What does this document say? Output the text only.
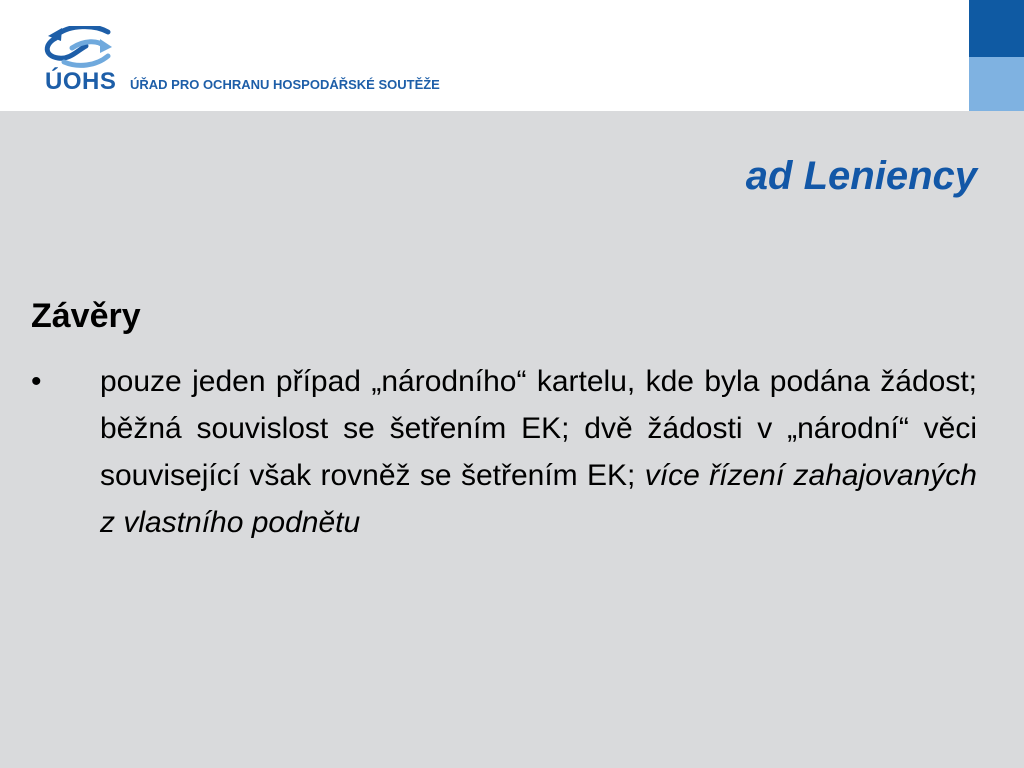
ÚOHS ÚŘAD PRO OCHRANU HOSPODÁŘSKÉ SOUTĚŽE
ad Leniency
Závěry
•	pouze jeden případ „národního“ kartelu, kde byla podána žádost; běžná souvislost se šetřením EK; dvě žádosti v „národní“ věci související však rovněž se šetřením EK; více řízení zahajovaných z vlastního podnětu
